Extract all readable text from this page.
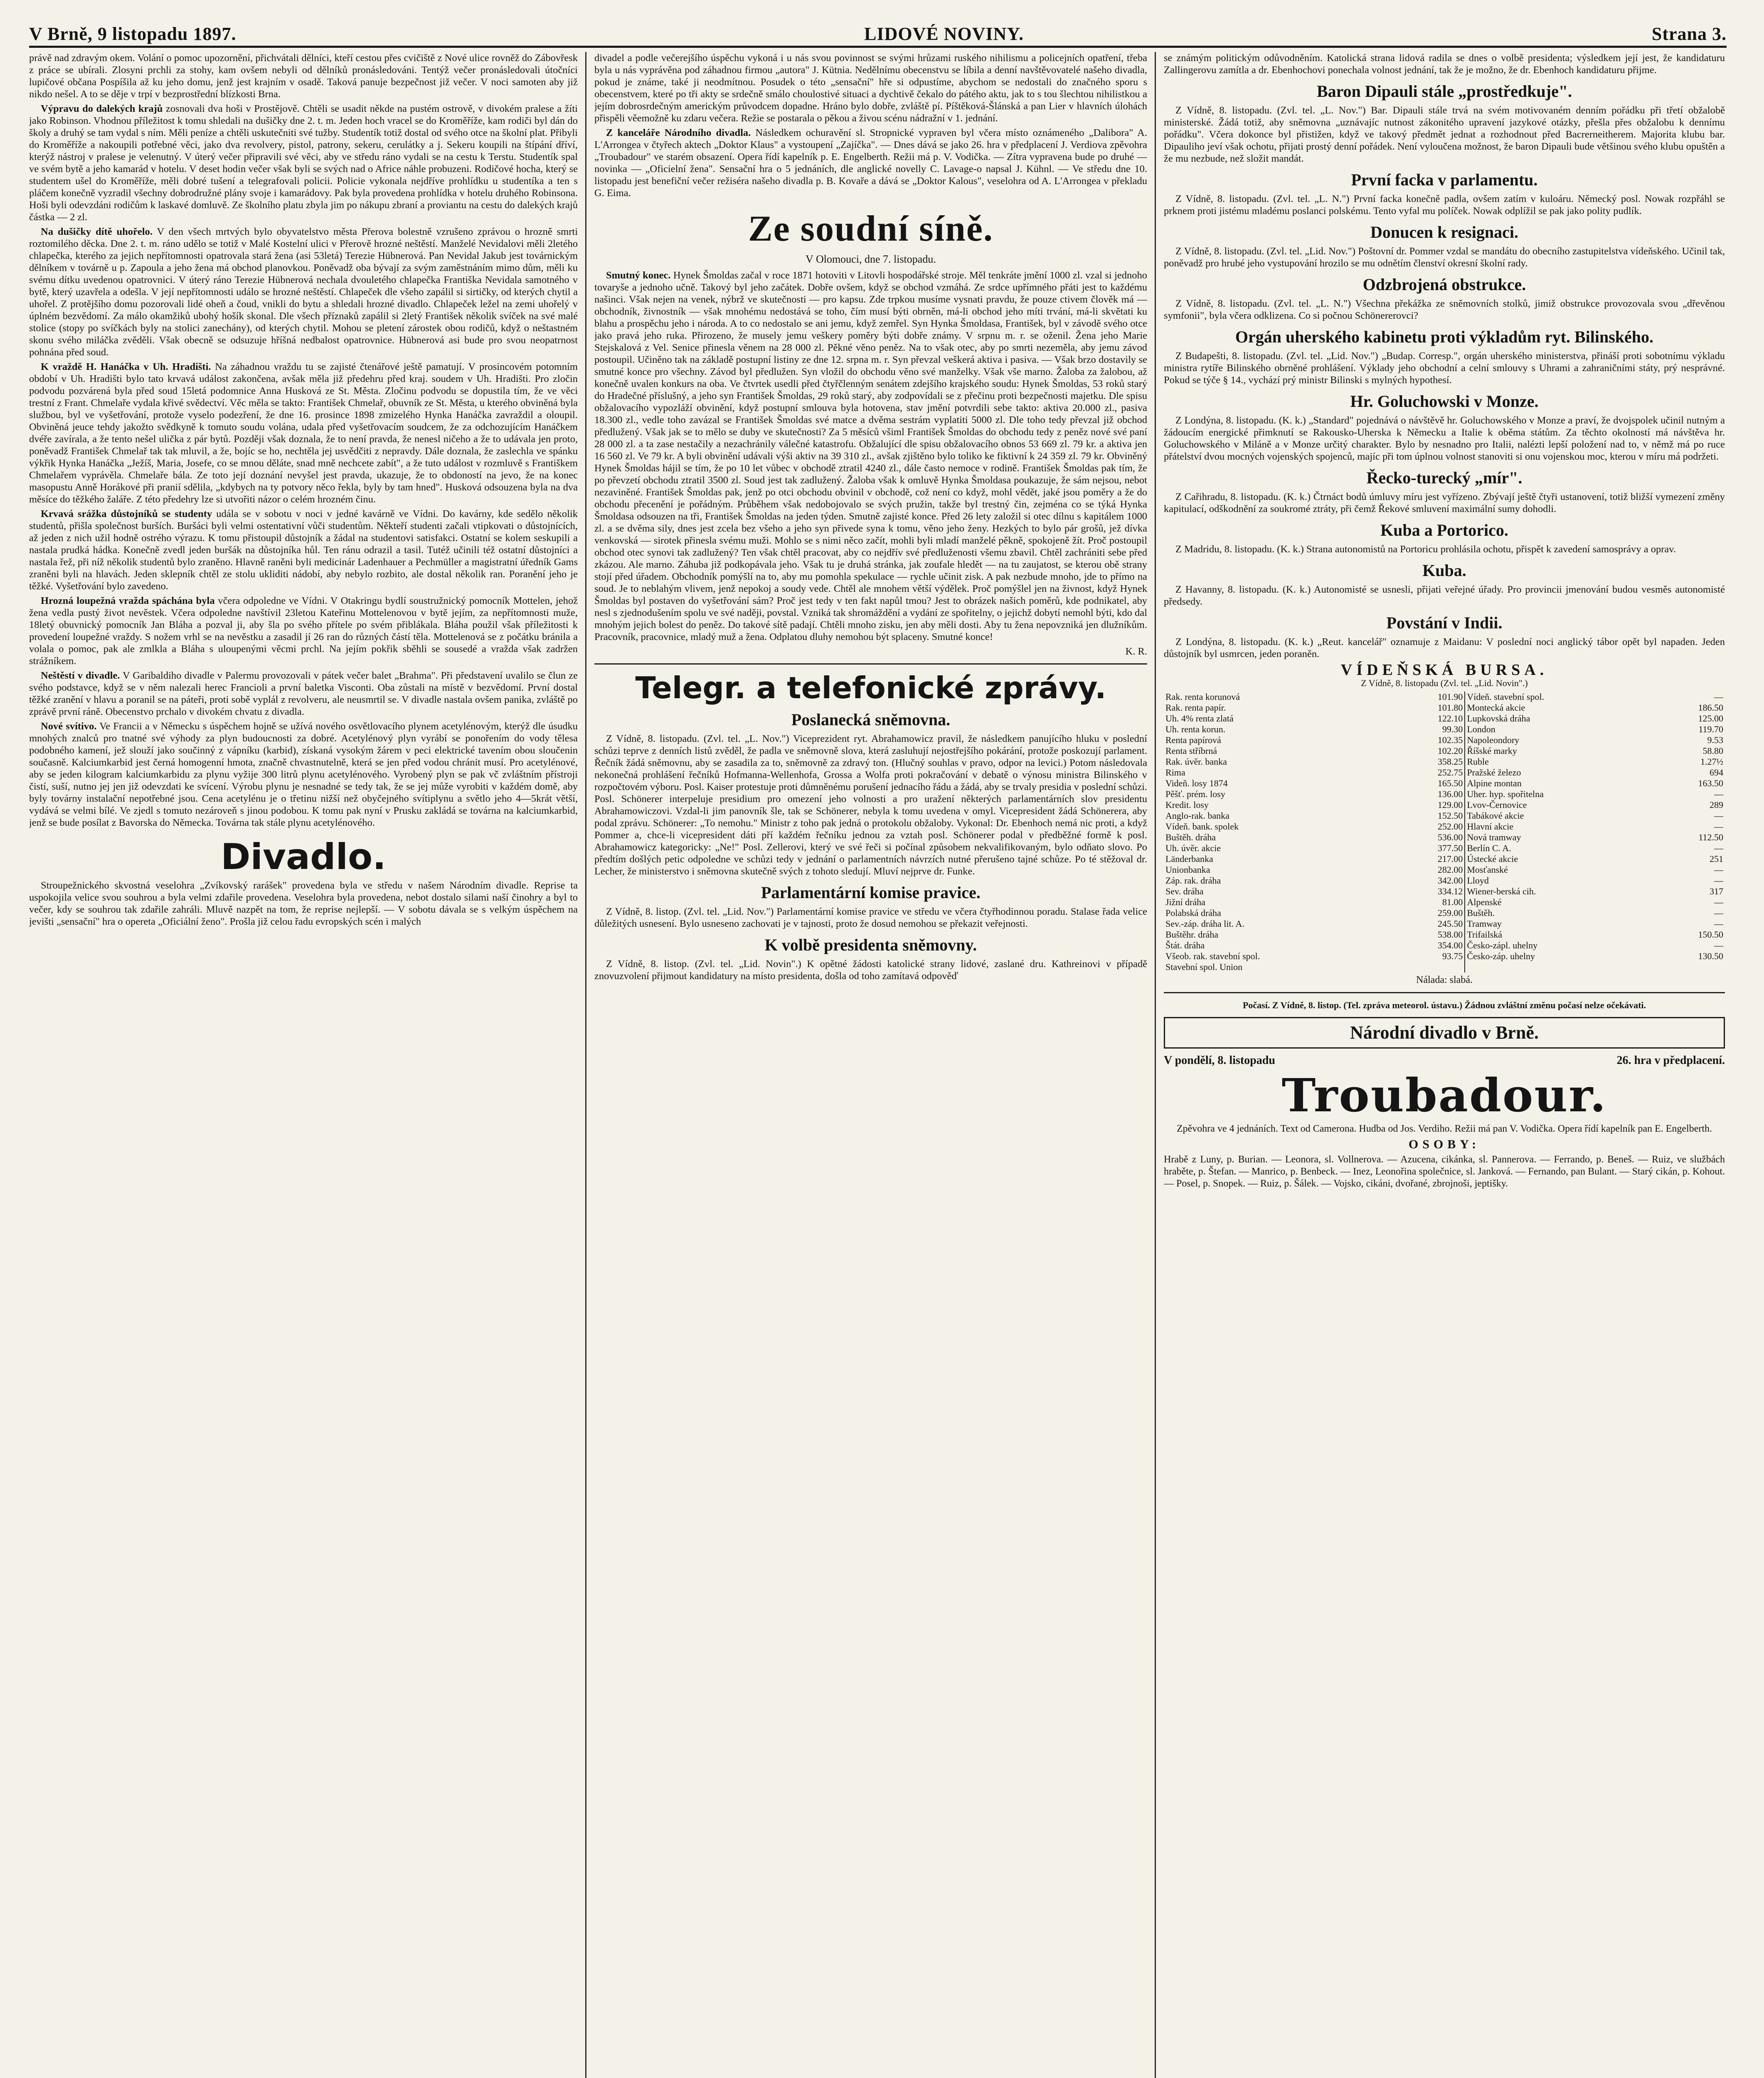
V Brně, 9 listopadu 1897.	LIDOVÉ NOVINY.	Strana 3.

právě nad zdravým okem. Volání o pomoc upozornění, přichvátali dělníci, kteří cestou přes cvičiště z Nové ulice rovněž do Zábovřesk z práce se ubírali. Zlosyni prchli za stohy, kam ovšem nebyli od dělníků pronásledováni. Tentýž večer pronásledovali útočníci lupičové občana Pospíšila až ku jeho domu, jenž jest krajním v osadě. Taková panuje bezpečnost již večer. V noci samoten aby již nikdo nešel. A to se děje v trpí v bezprostřední blízkosti Brna.

Výpravu do dalekých krajů zosnovali dva hoši v Prostějově. Chtěli se usadit někde na pustém ostrově, v divokém pralese a žíti jako Robinson. Vhodnou příležitost k tomu shledali na dušičky dne 2. t. m. Jeden hoch vracel se do Kroměříže, kam rodiči byl dán do školy a druhý se tam vydal s ním. Měli peníze a chtěli uskutečniti své tužby. Studentík totiž dostal od svého otce na školní plat. Přibyli do Kroměříže a nakoupili potřebné věci, jako dva revolvery, pistol, patrony, sekeru, cerulátky a j. Sekeru koupili na štípání dříví, kterýž nástroj v pralese je velenutný. V úterý večer připravili své věci, aby ve středu ráno vydali se na cestu k Terstu. Studentík spal ve svém bytě a jeho kamarád v hotelu. V deset hodin večer však byli se svých nad o Africe náhle probuzeni. Rodičové hocha, který se studentem ušel do Kroměříže, měli dobré tušení a telegrafovali policii. Policie vykonala nejdříve prohlídku u studentíka a ten s pláčem konečně vyzradil všechny dobrodružné plány svoje i kamarádovy. Pak byla provedena prohlídka v hotelu druhého Robinsona. Hoši byli odevzdáni rodičům k laskavé domluvě. Ze školního platu zbyla jim po nákupu zbraní a proviantu na cestu do dalekých krajů částka — 2 zl.

Na dušičky dítě uhořelo. V den všech mrtvých bylo obyvatelstvo města Přerova bolestně vzrušeno zprávou o hrozně smrti roztomilého děcka. Dne 2. t. m. ráno udělo se totiž v Malé Kostelní ulici v Přerově hrozné neštěstí. Manželé Nevidalovi měli 2letého chlapečka, kterého za jejich nepřítomnosti opatrovala stará žena (asi 53letá) Terezie Hübnerová. Pan Nevidal Jakub jest továrnickým dělníkem v továrně u p. Zapoula a jeho žena má obchod planovkou. Poněvadž oba bývají za svým zaměstnáním mimo dům, měli ku svému dítku uvedenou opatrovnici. V úterý ráno Terezie Hübnerová nechala dvouletého chlapečka Františka Nevidala samotného v bytě, který uzavřela a odešla. V její nepřítomnosti událo se hrozné neštěstí. Chlapeček dle všeho zapálil si sirtičky, od kterých chytil a uhořel. Z protějšího domu pozorovali lidé oheň a čoud, vnikli do bytu a shledali hrozné divadlo. Chlapeček ležel na zemi uhořelý v úplném bezvědomí. Za málo okamžiků ubohý hošík skonal. Dle všech příznaků zapálil si 2letý František několik svíček na své malé stolice (stopy po svíčkách byly na stolici zanechány), od kterých chytil. Mohou se pletení zárostek obou rodičů, když o neštastném skonu svého miláčka zvěděli. Však obecně se odsuzuje hříšná nedbalost opatrovnice. Hübnerová asi bude pro svou neopatrnost pohnána před soud.

K vraždě H. Hanáčka v Uh. Hradišti. Na záhadnou vraždu tu se zajisté čtenářové ještě pamatují. V prosincovém potomním období v Uh. Hradišti bylo tato krvavá událost zakončena, avšak měla již předehru před kraj. soudem v Uh. Hradišti. Pro zločin podvodu pozvárená byla před soud 15letá podomnice Anna Husková ze St. Města. Zločinu podvodu se dopustila tím, že ve věci trestní z Frant. Chmelaře vydala křivé svědectví. Věc měla se takto: František Chmelař, obuvník ze St. Města, u kterého obviněná byla službou, byl ve vyšetřování, protože vyselo podezření, že dne 16. prosince 1898 zmizelého Hynka Hanáčka zavraždil a oloupil. Obviněná jeuce tehdy jakožto svědkyně k tomuto soudu volána, udala před vyšetřovacím soudcem, že za odchozujícím Hanáčkem dvéře zavírala, a že tento nešel ulička z pár bytů. Později však doznala, že to není pravda, že nenesl ničeho a že to udávala jen proto, poněvadž František Chmelař tak tak mluvil, a že, bojíc se ho, nechtěla jej usvědčiti z nepravdy. Dále doznala, že zaslechla ve spánku výkřik Hynka Hanáčka „Ježíš, Maria, Josefe, co se mnou děláte, snad mně nechcete zabít", a že tuto událost v rozmluvě s Františkem Chmelařem vyprávěla. Chmelaře bála. Ze toto její doznání nevyšel jest pravda, ukazuje, že to obdoností na jevo, že na konec masopustu Anně Horákové při pranií sdělila, „kdybych na ty potvory něco řekla, byly by tam hned". Husková odsouzena byla na dva měsíce do těžkého žaláře. Z této předehry lze si utvořiti názor o celém hrozném činu.

Krvavá srážka důstojníků se studenty udála se v sobotu v noci v jedné kavárně ve Vídni. Do kavárny, kde sedělo několik studentů, přišla společnost burších. Buršáci byli velmi ostentativní vůči studentům. Někteří studenti začali vtipkovati o důstojnících, až jeden z nich užil hodně ostrého výrazu. K tomu přistoupil důstojník a žádal na studentovi satisfakci. Ostatní se kolem seskupili a nastala prudká hádka. Konečně zvedl jeden buršák na důstojníka hůl. Ten ránu odrazil a tasil. Tutéž učinili též ostatní důstojníci a nastala řež, při níž několik studentů bylo zraněno. Hlavně raněni byli medicinár Ladenhauer a Pechmüller a magistratní úředník Gams zraněni byli na hlavách. Jeden sklepník chtěl ze stolu ukliditi nádobí, aby nebylo rozbito, ale dostal několik ran. Poranění jeho je těžké. Vyšetřování bylo zavedeno.

Hrozná loupežná vražda spáchána byla včera odpoledne ve Vídni. V Otakringu bydlí soustružnický pomocník Mottelen, jehož žena vedla pustý život nevěstek. Včera odpoledne navštívil 23letou Kateřinu Mottelenovou v bytě jejím, za nepřítomnosti muže, 18letý obuvnický pomocník Jan Bláha a pozval ji, aby šla po svého přítele po svém přiblákala. Bláha použil však příležitosti k provedení loupežné vraždy. S nožem vrhl se na nevěstku a zasadil jí 26 ran do různých částí těla. Mottelenová se z počátku bránila a volala o pomoc, pak ale zmlkla a Bláha s uloupenými věcmi prchl. Na jejím pokřik sběhli se sousedé a vražda však zadržen strážníkem.

Neštěstí v divadle. V Garibaldiho divadle v Palermu provozovali v pátek večer balet „Brahma". Při představení uvalilo se člun ze svého podstavce, když se v něm nalezali herec Francioli a první baletka Visconti. Oba zůstali na místě v bezvědomí. První dostal těžké zranění v hlavu a poranil se na páteři, proti sobě vyplál z revolveru, ale neusmrtil se. V divadle nastala ovšem panika, zvláště po zprávě první ráně. Obecenstvo prchalo v divokém chvatu z divadla.

Nové svítivo. Ve Francii a v Německu s úspěchem hojně se užívá nového osvětlovacího plynem acetylénovým, kterýž dle úsudku mnohých znalců pro tnatné své výhody za plyn budoucnosti za dobré. Acetylénový plyn vyrábí se ponořením do vody tělesa podobného kamení, jež slouží jako součinný z vápníku (karbid), získaná vysokým žárem v peci elektrické tavením obou sloučenin současně. Kalciumkarbid jest černá homogenní hmota, značně chvastnutelně, která se jen před vodou chránit musí. Pro acetylénové, aby se jeden kilogram kalciumkarbidu za plynu vyžije 300 litrů plynu acetylénového. Vyrobený plyn se pak vč zvláštním přístroji čistí, suší, nutno jej jen již odevzdati ke svícení. Výrobu plynu je nesnadné se tedy tak, že se jej může vyrobiti v každém domě, aby byly továrny instalační nepotřebné jsou. Cena acetylénu je o třetinu nižší než obyčejného svítiplynu a světlo jeho 4—5krát větší, vydává se velmi bílé. Ve zjedl s tomuto nezároveň s jinou podobou. K tomu pak nyní v Prusku zakládá se továrna na kalciumkarbid, jenž se bude posílat z Bavorska do Německa. Továrna tak stále plynu acetylénového.

Divadlo.

Stroupežnického skvostná veselohra „Zvíkovský rarášek" provedena byla ve středu v našem Národním divadle. Reprise ta uspokojila velice svou souhrou a byla velmi zdařile provedena. Veselohra byla provedena, nebot dostalo silami naší činohry a byl to večer, kdy se souhrou tak zdařile zahráli. Mluvě nazpět na tom, že reprise nejlepší. — V sobotu dávala se s velkým úspěchem na jevišti „sensační" hra o opereta „Oficiální ženo". Prošla již celou řadu evropských scén i malých

divadel a podle večerejšího úspěchu vykoná i u nás svou povinnost se svými hrůzami ruského nihilismu a policejních opatření, třeba byla u nás vyprávěna pod záhadnou firmou „autora" J. Kütnia. Nedělnímu obecenstvu se líbila a denní navštěvovatelé našeho divadla, pokud je známe, také ji neodmítnou. Posudek o této „sensační" hře si odpustíme, abychom se nedostali do značného sporu s obecenstvem, které po tři akty se srdečně smálo choulostivé situaci a dychtivě čekalo do pátého aktu, jak to s tou šlechtou nihilistkou a jejím dobrosrdečným americkým průvodcem dopadne. Hráno bylo dobře, zvláště pí. Píštěková-Šlánská a pan Lier v hlavních úlohách přispěli věemožně ku zdaru večera. Režie se postarala o pěkou a živou scénu nádražní v 1. jednání.

Z kanceláře Národního divadla. Následkem ochuravění sl. Stropnické vypraven byl včera místo oznámeného „Dalibora" A. L'Arrongea v čtyřech aktech „Doktor Klaus" a vystoupení „Zajíčka". — Dnes dává se jako 26. hra v předplacení J. Verdiova zpěvohra „Troubadour" ve starém obsazení. Opera řídí kapelník p. E. Engelberth. Režii má p. V. Vodička. — Zítra vypravena bude po druhé — novinka — „Oficielní žena". Sensační hra o 5 jednáních, dle anglické novelly C. Lavage-o napsal J. Kühnl. — Ve středu dne 10. listopadu jest benefiční večer režiséra našeho divadla p. B. Kovaře a dává se „Doktor Kalous", veselohra od A. L'Arrongea v překladu G. Eima.

Ze soudní síně.
V Olomouci, dne 7. listopadu.

Smutný konec. Hynek Šmoldas začal v roce 1871 hotoviti v Litovli hospodářské stroje. Měl tenkráte jmění 1000 zl. vzal si jednoho tovaryše a jednoho učně. Takový byl jeho začátek. Dobře ovšem, když se obchod vzmáhá. Ze srdce upřímného přáti jest to každému našinci. Však nejen na venek, nýbrž ve skutečnosti — pro kapsu. Zde trpkou musíme vysnati pravdu, že pouze ctivem člověk má — obchodník, živnostník — však mnohému nedostává se toho, čím musí býti obrněn, má-li obchod jeho míti trvání, má-li skvětati ku blahu a prospěchu jeho i národa. A to co nedostalo se ani jemu, když zemřel. Syn Hynka Šmoldasa, František, byl v závodě svého otce jako pravá jeho ruka. Přirozeno, že musely jemu veškery poměry býti dobře známy. V srpnu m. r. se oženil. Žena jeho Marie Stejskalová z Vel. Senice přinesla věnem na 28 000 zl. Pěkné věno peněz. Na to však otec, aby po smrti nezeměla, aby jemu závod postoupil. Učiněno tak na základě postupní listiny ze dne 12. srpna m. r. Syn převzal veškerá aktiva i pasiva. — Však brzo dostavily se smutné konce pro všechny. Závod byl předlužen. Syn vložil do obchodu věno své manželky. Však vše marno. Žaloba za žalobou, až konečně uvalen konkurs na oba. Ve čtvrtek usedli před čtyřčlenným senátem zdejšího krajského soudu: Hynek Šmoldas, 53 roků starý do Hradečné příslušný, a jeho syn František Šmoldas, 29 roků starý, aby zodpovídali se z přečinu proti bezpečnosti majetku. Dle spisu obžalovacího vypozláží obvinění, když postupní smlouva byla hotovena, stav jmění potvrdili sebe takto: aktiva 20.000 zl., pasiva 18.300 zl., vedle toho zavázal se František Šmoldas své matce a dvěma sestrám vyplatiti 5000 zl. Dle toho tedy převzal již obchod předlužený. Však jak se to mělo se duby ve skutečnosti? Za 5 měsíců všiml František Šmoldas do obchodu tedy z peněz nové své paní 28 000 zl. a ta zase nestačily a nezachránily válečné katastrofu. Obžalující dle spisu obžalovacího obnos 53 669 zl. 79 kr. a aktiva jen 16 560 zl. Ve 79 kr. A byli obvinění udávali výši aktiv na 39 310 zl., avšak zjištěno bylo toliko ke fiktivní k 24 359 zl. 79 kr. Obviněný Hynek Šmoldas hájil se tím, že po 10 let vůbec v obchodě ztratil 4240 zl., dále často nemoce v rodině. František Šmoldas pak tím, že po převzetí obchodu ztratil 3500 zl. Soud jest tak zadlužený. Žaloba však k omluvě Hynka Šmoldasa poukazuje, že sám nejsou, nebot nezaviněné. František Šmoldas pak, jenž po otci obchodu obvinil v obchodě, což není co když, mohl vědět, jaké jsou poměry a že do obchodu přecenění je pořádným. Průběhem však nedobojovalo se svých pružin, takže byl trestný čin, zejména co se týká Hynka Šmoldasa odsouzen na tři, František Šmoldas na jeden týden. Smutně zajisté konce. Před 26 lety založil si otec dílnu s kapitálem 1000 zl. a se dvěma sily, dnes jest zcela bez všeho a jeho syn přivede syna k tomu, věno jeho ženy. Hezkých to bylo pár grošů, jež dívka venkovská — sirotek přinesla svému muži. Mohlo se s nimi něco začít, mohli byli mladí manželé pěkně, spokojeně žít. Proč postoupil obchod otec synovi tak zadlužený? Ten však chtěl pracovat, aby co nejdřív své předluženosti všemu zbavil. Chtěl zachrániti sebe před zkázou. Ale marno. Záhuba již podkopávala jeho. Však tu je druhá stránka, jak zoufale hledět — na tu zaujatost, se kterou obě strany stojí před úřadem. Obchodník pomýšlí na to, aby mu pomohla spekulace — rychle učinit zisk. A pak nezbude mnoho, jde to přímo na soud. Je to neblahým vlivem, jenž nepokoj a soudy vede. Chtěl ale mnohem větší výdělek. Proč pomýšlel jen na živnost, když Hynek Šmoldas byl postaven do vyšetřování sám? Proč jest tedy v ten fakt napůl tmou? Jest to obrázek našich poměrů, kde podnikatel, aby nesl s zjednodušením spolu ve své naději, povstal. Vzniká tak shromáždění a vydání ze spořitelny, o jejichž dobytí nemohl býti, kdo dal mnohým jejich bolest do peněz. Do takové sítě padají. Chtěli mnoho zisku, jen aby měli dosti. Aby tu žena nepovzniká jen dlužníkům. Pracovník, pracovnice, mladý muž a žena. Odplatou dluhy nemohou být splaceny. Smutné konce!

K. R.
Telegr. a telefonické zprávy.
Poslanecká sněmovna.

Z Vídně, 8. listopadu. (Zvl. tel. „L. Nov.") Viceprezident ryt. Abrahamowicz pravil, že následkem panujícího hluku v poslední schůzi teprve z denních listů zvěděl, že padla ve sněmovně slova, která zasluhují nejostřejšího pokárání, protože poskozují parlament. Řečník žádá sněmovnu, aby se zasadila za to, sněmovně za zdravý ton. (Hlučný souhlas v pravo, odpor na levici.) Potom následovala nekonečná prohlášení řečníků Hofmanna-Wellenhofa, Grossa a Wolfa proti pokračování v debatě o výnosu ministra Bilinského v rozpočtovém výboru. Posl. Kaiser protestuje proti důmněnému porušení jednacího řádu a žádá, aby se trvaly presidia v poslední schůzi. Posl. Schönerer interpeluje presidium pro omezení jeho volnosti a pro uražení některých parlamentárních slov presidentu Abrahamowiczovi. Vzdal-li jim panovník šle, tak se Schönerer, nebyla k tomu uvedena v omyl. Vicepresident žádá Schönerera, aby podal zprávu. Schönerer: „To nemohu." Ministr z toho pak jedná o protokolu obžaloby. Vykonal: Dr. Ebenhoch nemá nic proti, a když Pommer a, chce-li vicepresident dáti pří každém řečníku jednou za vztah posl. Schönerer podal v předběžné formě k posl. Abrahamowicz kategoricky: „Ne!" Posl. Zellerovi, který ve své řeči si počínal způsobem nekvalifikovaným, bylo odňato slovo. Po předtím došlých petic odpoledne ve schůzi tedy v jednání o parlamentních návrzích nutné přerušeno tajné schůze. Po té stěžoval dr. Lecher, že ministerstvo i sněmovna skutečně svých z tohoto sledují. Mluví nejprve dr. Funke.

Parlamentární komise pravice.

Z Vídně, 8. listop. (Zvl. tel. „Lid. Nov.") Parlamentární komise pravice ve středu ve včera čtyřhodinnou poradu. Stalase řada velice důležitých usnesení. Bylo usneseno zachovati je v tajnosti, proto že dosud nemohou se překazit veřejnosti.

K volbě presidenta sněmovny.

Z Vídně, 8. listop. (Zvl. tel. „Lid. Novin".) K opětné žádosti katolické strany lidové, zaslané dru. Kathreinovi v případě znovuzvolení přijmout kandidatury na místo presidenta, došla od toho zamítavá odpověď

se známým politickým odůvodněním. Katolická strana lidová radila se dnes o volbě presidenta; výsledkem její jest, že kandidaturu Zallingerovu zamítla a dr. Ebenhochovi ponechala volnost jednání, tak že je možno, že dr. Ebenhoch kandidaturu přijme.

Baron Dipauli stále „prostředkuje".

Z Vídně, 8. listopadu. (Zvl. tel. „L. Nov.") Bar. Dipauli stále trvá na svém motivovaném denním pořádku při třetí obžalobě ministerské. Žádá totiž, aby sněmovna „uznávajíc nutnost zákonitého upravení jazykové otázky, přešla přes obžalobu k dennímu pořádku". Včera dokonce byl přistižen, když ve takový předmět jednat a rozhodnout před Bacrerneitherem. Majorita klubu bar. Dipauliho jeví však ochotu, přijati prostý denní pořádek. Není vyloučena možnost, že baron Dipauli bude většinou svého klubu opuštěn a že mu nezbude, než složit mandát.

První facka v parlamentu.

Z Vídně, 8. listopadu. (Zvl. tel. „L. N.") První facka konečně padla, ovšem zatím v kuloáru. Německý posl. Nowak rozpřáhl se prknem proti jistému mladému poslanci polskému. Tento vyfal mu políček. Nowak odplížil se pak jako polity pudlík.

Donucen k resignaci.

Z Vídně, 8. listopadu. (Zvl. tel. „Lid. Nov.") Poštovní dr. Pommer vzdal se mandátu do obecního zastupitelstva vídeňského. Učinil tak, poněvadž pro hrubé jeho vystupování hrozilo se mu odnětím členství okresní školní rady.

Odzbrojená obstrukce.

Z Vídně, 8. listopadu. (Zvl. tel. „L. N.") Všechna překážka ze sněmovních stolků, jimiž obstrukce provozovala svou „dřevěnou symfonii", byla včera odklizena. Co si počnou Schönererovci?

Orgán uherského kabinetu proti výkladům ryt. Bilinského.

Z Budapešti, 8. listopadu. (Zvl. tel. „Lid. Nov.") „Budap. Corresp.", orgán uherského ministerstva, přináší proti sobotnímu výkladu ministra rytíře Bilinského obrněné prohlášení. Výklady jeho obchodní a celní smlouvy s Uhrami a zahraničními státy, prý nesprávné. Pokud se týče § 14., vychází prý ministr Bilinski s mylných hypothesí.

Hr. Goluchowski v Monze.

Z Londýna, 8. listopadu. (K. k.) „Standard" pojednává o návštěvě hr. Goluchowského v Monze a praví, že dvojspolek učinil nutným a žádoucím energické přimknutí se Rakousko-Uherska k Německu a Italie k oběma státům. Za těchto okolností má návštěva hr. Goluchowského v Miláně a v Monze určitý charakter. Bylo by nesnadno pro Italii, nalézti lepší položení nad to, v němž má po ruce přátelství dvou mocných vojenských spojenců, majíc při tom úplnou volnost stanoviti si onu vojenskou moc, kterou v míru má podržeti.

Řecko-turecký „mír".

Z Cařihradu, 8. listopadu. (K. k.) Čtrnáct bodů úmluvy míru jest vyřízeno. Zbývají ještě čtyři ustanovení, totiž bližší vymezení změny kapitulací, odškodnění za soukromé ztráty, při čemž Řekové smluvení maximální sumy dohodli.

Kuba a Portorico.

Z Madridu, 8. listopadu. (K. k.) Strana autonomistů na Portoricu prohlásila ochotu, přispět k zavedení samosprávy a oprav.

Kuba.

Z Havanny, 8. listopadu. (K. k.) Autonomisté se usnesli, přijati veřejné úřady. Pro provincii jmenování budou vesměs autonomisté předsedy.

Povstání v Indii.

Z Londýna, 8. listopadu. (K. k.) „Reut. kancelář" oznamuje z Maidanu: V poslední noci anglický tábor opět byl napaden. Jeden důstojník byl usmrcen, jeden poraněn.

VÍDEŇSKÁ BURSA.
Z Vídně, 8. listopadu (Zvl. tel. „Lid. Novin".)
Rak. renta korunová	101.90	Vídeň. stavební spol.	—
Rak. renta papír.	101.80	Montecká akcie	186.50
Uh. 4% renta zlatá	122.10	Lupkovská dráha	125.00
Uh. renta korun.	99.30	London	119.70
Renta papírová	102.35	Napoleondory	9.53
Renta stříbrná	102.20	Říšské marky	58.80
Rak. úvěr. banka	358.25	Ruble	1.27½
Rima	252.75	Pražské železo	694
Videň. losy 1874	165.50	Alpine montan	163.50
Pěšť. prém. losy	136.00	Uher. hyp. spořitelna	—
Kredit. losy	129.00	Lvov-Černovice	289
Anglo-rak. banka	152.50	Tabákové akcie	—
Vídeň. bank. spolek	252.00	Hlavní akcie	—
Buštěh. dráha	536.00	Nová tramway	112.50
Uh. úvěr. akcie	377.50	Berlín C. A.	—
Länderbanka	217.00	Ústecké akcie	251
Unionbanka	282.00	Mosťanské	—
Záp. rak. dráha	342.00	Lloyd	—
Sev. dráha	334.12	Wiener-berská cih.	317
Jižní dráha	81.00	Alpenské	—
Polabská dráha	259.00	Buštěh.	—
Sev.-záp. dráha lit. A.	245.50	Tramway	—
Buštěhr. dráha	538.00	Trifailská	150.50
Štát. dráha	354.00	Česko-zápl. uhelny	—
Všeob. rak. stavební spol.	93.75	Česko-záp. uhelny	130.50
Stavební spol. Union			
Nálada: slabá.
Počasí. Z Vídně, 8. listop. (Tel. zpráva meteorol. ústavu.) Žádnou zvláštní změnu počasí nelze očekávati.
Národní divadlo v Brně.
V pondělí, 8. listopadu	26. hra v předplacení.
Troubadour.
Zpěvohra ve 4 jednáních. Text od Camerona. Hudba od Jos. Verdiho. Režii má pan V. Vodička. Opera řídí kapelník pan E. Engelberth.
OSOBY:
Hrabě z Luny, p. Burian. — Leonora, sl. Vollnerova. — Azucena, cikánka, sl. Pannerova. — Ferrando, p. Beneš. — Ruiz, ve službách hraběte, p. Štefan. — Manrico, p. Benbeck. — Inez, Leonořina společnice, sl. Janková. — Fernando, pan Bulant. — Starý cikán, p. Kohout. — Posel, p. Snopek. — Ruiz, p. Šálek. — Vojsko, cikáni, dvořané, zbrojnoši, jeptišky.
